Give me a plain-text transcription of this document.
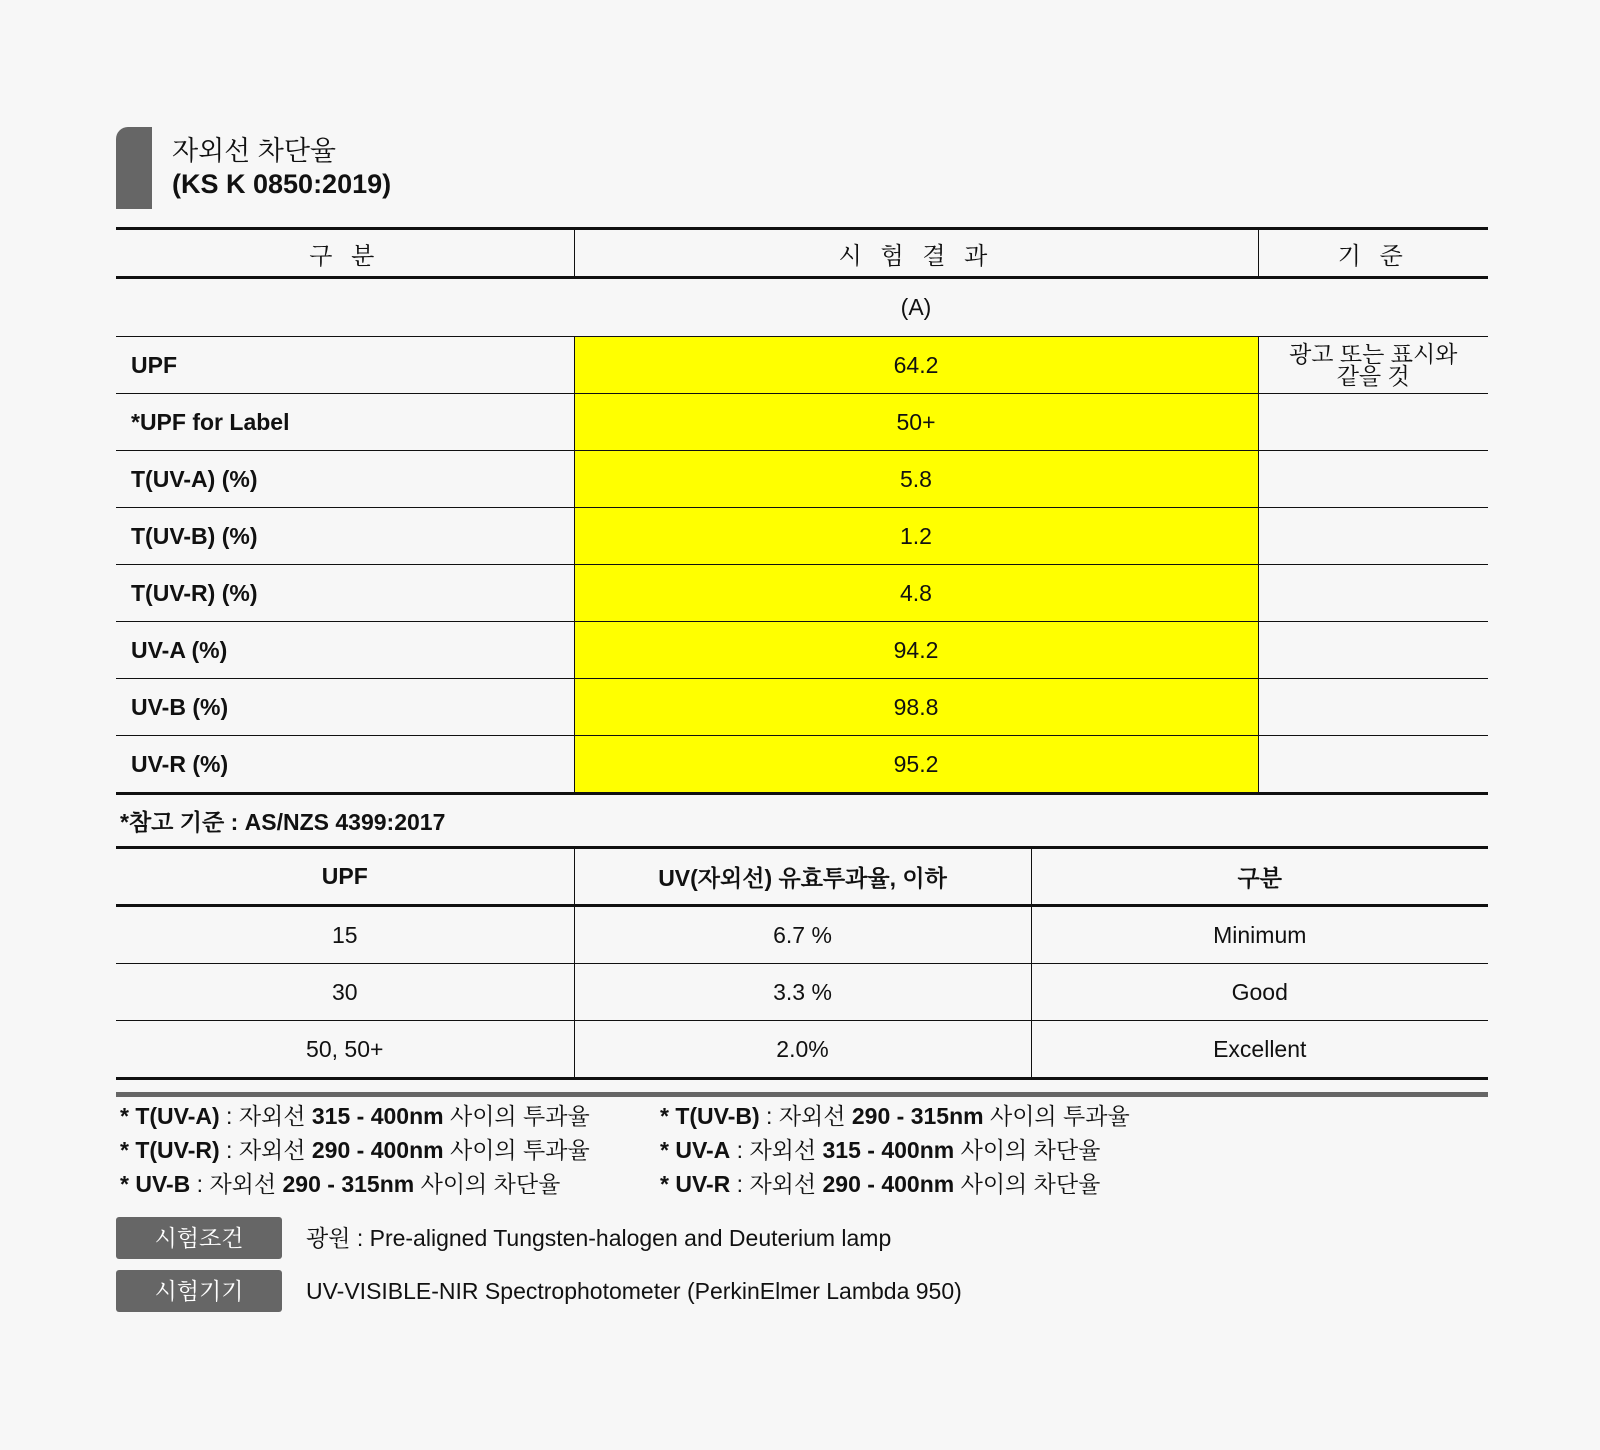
자외선 차단율
(KS K 0850:2019)
구 분	시 험 결 과	기 준
	(A)	
UPF	64.2	광고 또는 표시와
같을 것

*UPF for Label	50+	
T(UV-A) (%)	5.8	
T(UV-B) (%)	1.2	
T(UV-R) (%)	4.8	
UV-A (%)	94.2	
UV-B (%)	98.8	
UV-R (%)	95.2	
*참고 기준 : AS/NZS 4399:2017
UPF	UV(자외선) 유효투과율, 이하	구분
15	6.7 %	Minimum
30	3.3 %	Good
50, 50+	2.0%	Excellent
* T(UV-A) : 자외선 315 - 400nm 사이의 투과율	* T(UV-B) : 자외선 290 - 315nm 사이의 투과율
* T(UV-R) : 자외선 290 - 400nm 사이의 투과율	* UV-A : 자외선 315 - 400nm 사이의 차단율
* UV-B : 자외선 290 - 315nm 사이의 차단율	* UV-R : 자외선 290 - 400nm 사이의 차단율
시험조건	광원 : Pre-aligned Tungsten-halogen and Deuterium lamp
시험기기	UV-VISIBLE-NIR Spectrophotometer (PerkinElmer Lambda 950)
